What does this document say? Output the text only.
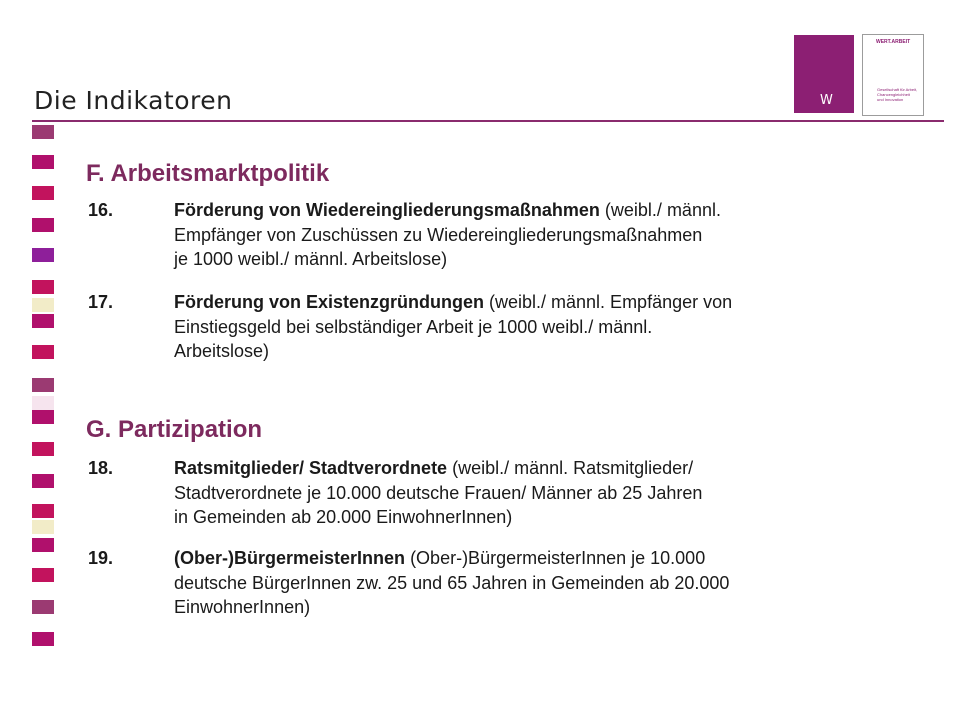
Die Indikatoren	W
WERT.ARBEIT
Gesellschaft für Arbeit,
Chancengleichheit
und Innovation
F. Arbeitsmarktpolitik
16.	Förderung von Wiedereingliederungsmaßnahmen (weibl./ männl.
Empfänger von Zuschüssen zu Wiedereingliederungsmaßnahmen
je 1000 weibl./ männl. Arbeitslose)
17.	Förderung von Existenzgründungen (weibl./ männl. Empfänger von
Einstiegsgeld bei selbständiger Arbeit je 1000 weibl./ männl.
Arbeitslose)
G. Partizipation
18.	Ratsmitglieder/ Stadtverordnete (weibl./ männl. Ratsmitglieder/
Stadtverordnete je 10.000 deutsche Frauen/ Männer ab 25 Jahren
in Gemeinden ab 20.000 EinwohnerInnen)
19.	(Ober-)BürgermeisterInnen (Ober-)BürgermeisterInnen je 10.000
deutsche BürgerInnen zw. 25 und 65 Jahren in Gemeinden ab 20.000
EinwohnerInnen)
